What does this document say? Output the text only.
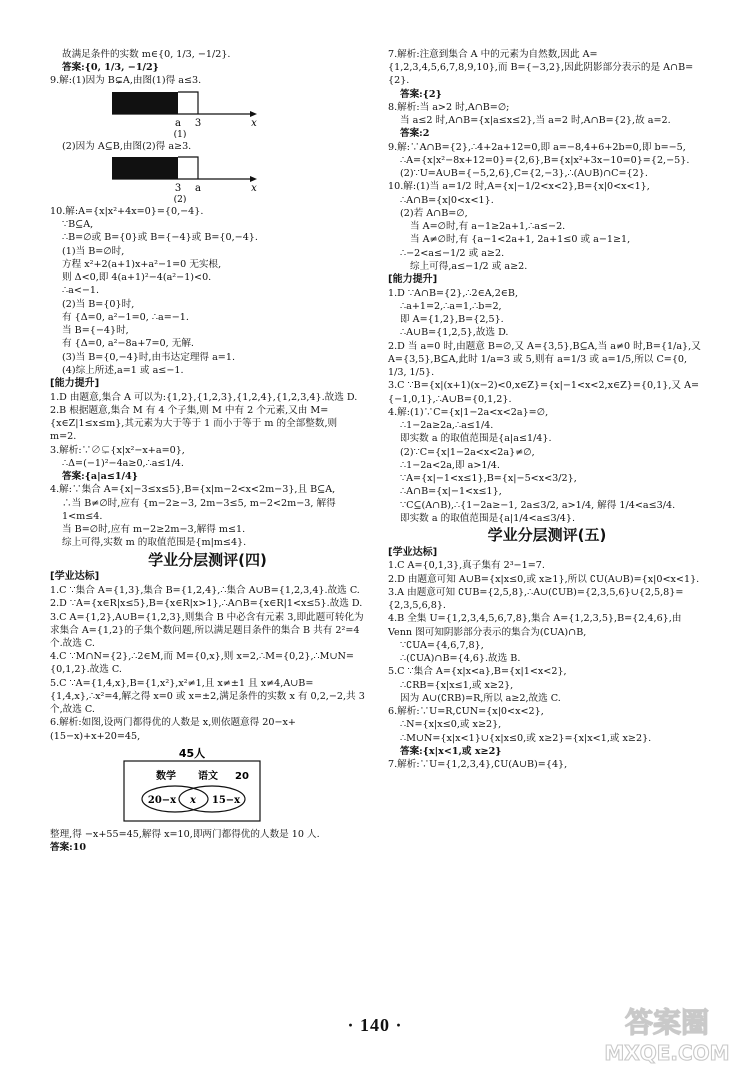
故满足条件的实数 m∈{0, 1/3, −1/2}.

答案:{0, 1/3, −1/2}

9.解:(1)因为 B⊊A,由图(1)得 a≤3.

a 3	x
(1)

(2)因为 A⊆B,由图(2)得 a≥3.

3 a	x
(2)

10.解:A={x|x²+4x=0}={0,−4}.

∵B⊆A,

∴B=∅或 B={0}或 B={−4}或 B={0,−4}.

(1)当 B=∅时,

方程 x²+2(a+1)x+a²−1=0 无实根,

则 Δ<0,即 4(a+1)²−4(a²−1)<0.

∴a<−1.

(2)当 B={0}时,

有 {Δ=0, a²−1=0, ∴a=−1.

当 B={−4}时,

有 {Δ=0, a²−8a+7=0, 无解.

(3)当 B={0,−4}时,由韦达定理得 a=1.

(4)综上所述,a=1 或 a≤−1.

[能力提升]

1.D 由题意,集合 A 可以为:{1,2},{1,2,3},{1,2,4},{1,2,3,4}.故选 D.

2.B 根据题意,集合 M 有 4 个子集,则 M 中有 2 个元素,又由 M={x∈Z|1≤x≤m},其元素为大于等于 1 而小于等于 m 的全部整数,则 m=2.

3.解析:∵∅⊊{x|x²−x+a=0},

∴Δ=(−1)²−4a≥0,∴a≤1/4.

答案:{a|a≤1/4}

4.解:∵集合 A={x|−3≤x≤5},B={x|m−2<x<2m−3},且 B⊆A,

∴当 B≠∅时,应有 {m−2≥−3, 2m−3≤5, m−2<2m−3, 解得 1<m≤4.

当 B=∅时,应有 m−2≥2m−3,解得 m≤1.

综上可得,实数 m 的取值范围是{m|m≤4}.

学业分层测评(四)

[学业达标]

1.C ∵集合 A={1,3},集合 B={1,2,4},∴集合 A∪B={1,2,3,4}.故选 C.

2.D ∵A={x∈R|x≤5},B={x∈R|x>1},∴A∩B={x∈R|1<x≤5}.故选 D.

3.C A={1,2},A∪B={1,2,3},则集合 B 中必含有元素 3,即此题可转化为求集合 A={1,2}的子集个数问题,所以满足题目条件的集合 B 共有 2²=4 个.故选 C.

4.C ∵M∩N={2},∴2∈M,而 M={0,x},则 x=2,∴M={0,2},∴M∪N={0,1,2}.故选 C.

5.C ∵A={1,4,x},B={1,x²},x²≠1,且 x≠±1 且 x≠4,A∪B={1,4,x},∴x²=4,解之得 x=0 或 x=±2,满足条件的实数 x 有 0,2,−2,共 3 个,故选 C.

6.解析:如图,设两门都得优的人数是 x,则依题意得 20−x+(15−x)+x+20=45,

45人
数学 语文 20
20−x x 15−x

整理,得 −x+55=45,解得 x=10,即两门都得优的人数是 10 人.

答案:10

7.解析:注意到集合 A 中的元素为自然数,因此 A={1,2,3,4,5,6,7,8,9,10},而 B={−3,2},因此阴影部分表示的是 A∩B={2}.

答案:{2}

8.解析:当 a>2 时,A∩B=∅;

当 a≤2 时,A∩B={x|a≤x≤2},当 a=2 时,A∩B={2},故 a=2.

答案:2

9.解:∵A∩B={2},∴4+2a+12=0,即 a=−8,4+6+2b=0,即 b=−5,

∴A={x|x²−8x+12=0}={2,6},B={x|x²+3x−10=0}={2,−5}.

(2)∵U=A∪B={−5,2,6},C={2,−3},∴(A∪B)∩C={2}.

10.解:(1)当 a=1/2 时,A={x|−1/2<x<2},B={x|0<x<1},

∴A∩B={x|0<x<1}.

(2)若 A∩B=∅,

当 A=∅时,有 a−1≥2a+1,∴a≤−2.

当 A≠∅时,有 {a−1<2a+1, 2a+1≤0 或 a−1≥1,

∴−2<a≤−1/2 或 a≥2.

综上可得,a≤−1/2 或 a≥2.

[能力提升]

1.D ∵A∩B={2},∴2∈A,2∈B,

∴a+1=2,∴a=1,∴b=2,

即 A={1,2},B={2,5}.

∴A∪B={1,2,5},故选 D.

2.D 当 a=0 时,由题意 B=∅,又 A={3,5},B⊆A,当 a≠0 时,B={1/a},又 A={3,5},B⊆A,此时 1/a=3 或 5,则有 a=1/3 或 a=1/5,所以 C={0, 1/3, 1/5}.

3.C ∵B={x|(x+1)(x−2)<0,x∈Z}={x|−1<x<2,x∈Z}={0,1},又 A={−1,0,1},∴A∪B={0,1,2}.

4.解:(1)∵C={x|1−2a<x<2a}=∅,

∴1−2a≥2a,∴a≤1/4.

即实数 a 的取值范围是{a|a≤1/4}.

(2)∵C={x|1−2a<x<2a}≠∅,

∴1−2a<2a,即 a>1/4.

∵A={x|−1<x≤1},B={x|−5<x<3/2},

∴A∩B={x|−1<x≤1},

∵C⊆(A∩B),∴{1−2a≥−1, 2a≤3/2, a>1/4, 解得 1/4<a≤3/4.

即实数 a 的取值范围是{a|1/4<a≤3/4}.

学业分层测评(五)

[学业达标]

1.C A={0,1,3},真子集有 2³−1=7.

2.D 由题意可知 A∪B={x|x≤0,或 x≥1},所以 ∁U(A∪B)={x|0<x<1}.

3.A 由题意可知 ∁UB={2,5,8},∴A∪(∁UB)={2,3,5,6}∪{2,5,8}={2,3,5,6,8}.

4.B 全集 U={1,2,3,4,5,6,7,8},集合 A={1,2,3,5},B={2,4,6},由 Venn 图可知阴影部分表示的集合为(∁UA)∩B,

∵∁UA={4,6,7,8},

∴(∁UA)∩B={4,6}.故选 B.

5.C ∵集合 A={x|x<a},B={x|1<x<2},

∴∁RB={x|x≤1,或 x≥2},

因为 A∪(∁RB)=R,所以 a≥2,故选 C.

6.解析:∵U=R,∁UN={x|0<x<2},

∴N={x|x≤0,或 x≥2},

∴M∪N={x|x<1}∪{x|x≤0,或 x≥2}={x|x<1,或 x≥2}.

答案:{x|x<1,或 x≥2}

7.解析:∵U={1,2,3,4},∁U(A∪B)={4},

· 140 ·	答案圈
MXQE.COM
